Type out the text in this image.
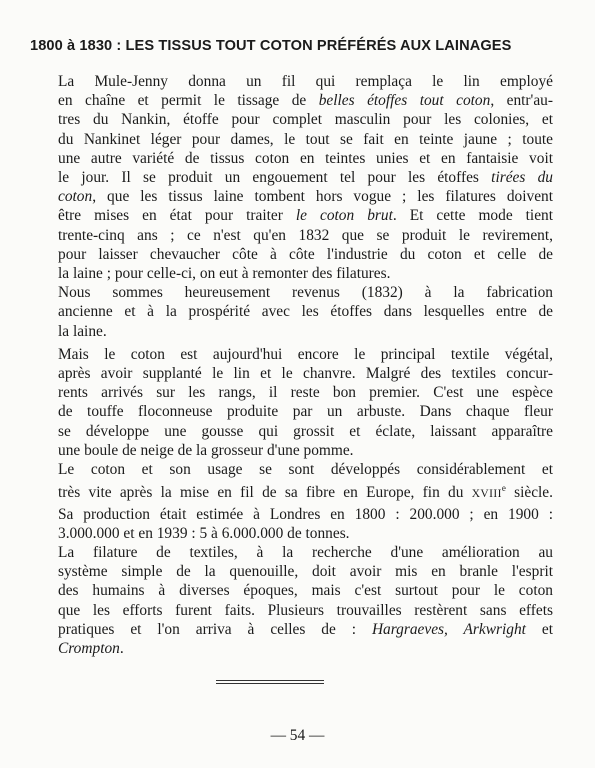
1800 à 1830 : LES TISSUS TOUT COTON PRÉFÉRÉS AUX LAINAGES
La Mule-Jenny donna un fil qui remplaça le lin employé
en chaîne et permit le tissage de belles étoffes tout coton, entr'au-
tres du Nankin, étoffe pour complet masculin pour les colonies, et
du Nankinet léger pour dames, le tout se fait en teinte jaune ; toute
une autre variété de tissus coton en teintes unies et en fantaisie voit
le jour. Il se produit un engouement tel pour les étoffes tirées du
coton, que les tissus laine tombent hors vogue ; les filatures doivent
être mises en état pour traiter le coton brut. Et cette mode tient
trente-cinq ans ; ce n'est qu'en 1832 que se produit le revirement,
pour laisser chevaucher côte à côte l'industrie du coton et celle de
la laine ; pour celle-ci, on eut à remonter des filatures.
Nous sommes heureusement revenus (1832) à la fabrication
ancienne et à la prospérité avec les étoffes dans lesquelles entre de
la laine.
Mais le coton est aujourd'hui encore le principal textile végétal,
après avoir supplanté le lin et le chanvre. Malgré des textiles concur-
rents arrivés sur les rangs, il reste bon premier. C'est une espèce
de touffe floconneuse produite par un arbuste. Dans chaque fleur
se développe une gousse qui grossit et éclate, laissant apparaître
une boule de neige de la grosseur d'une pomme.
Le coton et son usage se sont développés considérablement et
très vite après la mise en fil de sa fibre en Europe, fin du XVIIIe siècle.
Sa production était estimée à Londres en 1800 : 200.000 ; en 1900 :
3.000.000 et en 1939 : 5 à 6.000.000 de tonnes.
La filature de textiles, à la recherche d'une amélioration au
système simple de la quenouille, doit avoir mis en branle l'esprit
des humains à diverses époques, mais c'est surtout pour le coton
que les efforts furent faits. Plusieurs trouvailles restèrent sans effets
pratiques et l'on arriva à celles de : Hargraeves, Arkwright et
Crompton.
— 54 —
